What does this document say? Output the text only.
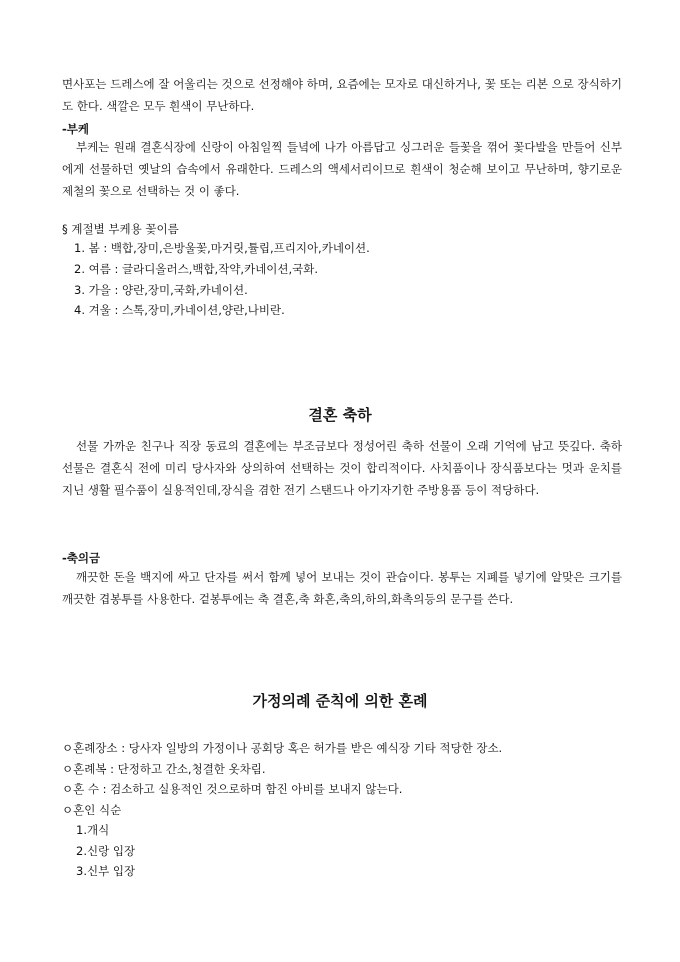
면사포는 드레스에 잘 어울리는 것으로 선정해야 하며, 요즘에는 모자로 대신하거나, 꽃 또는 리본 으로 장식하기도 한다. 색깔은 모두 흰색이 무난하다.

-부케

부케는 원래 결혼식장에 신랑이 아침일찍 들녘에 나가 아름답고 싱그러운 들꽃을 꺾어 꽃다발을 만들어 신부에게 선물하던 옛날의 습속에서 유래한다. 드레스의 액세서리이므로 흰색이 청순해 보이고 무난하며, 향기로운 제철의 꽃으로 선택하는 것 이 좋다.

§ 계절별 부케용 꽃이름
1. 봄 : 백합,장미,은방울꽃,마거릿,튤립,프리지아,카네이션.
2. 여름 : 글라디올러스,백합,작약,카네이션,국화.
3. 가을 : 양란,장미,국화,카네이션.
4. 겨울 : 스톡,장미,카네이션,양란,나비란.
결혼 축하

선물 가까운 친구나 직장 동료의 결혼에는 부조금보다 정성어린 축하 선물이 오래 기억에 남고 뜻깊다. 축하 선물은 결혼식 전에 미리 당사자와 상의하여 선택하는 것이 합리적이다. 사치품이나 장식품보다는 멋과 운치를 지닌 생활 필수품이 실용적인데,장식을 겸한 전기 스탠드나 아기자기한 주방용품 등이 적당하다.

-축의금

깨끗한 돈을 백지에 싸고 단자를 써서 함께 넣어 보내는 것이 관습이다. 봉투는 지폐를 넣기에 알맞은 크기를 깨끗한 겹봉투를 사용한다. 겉봉투에는 축 결혼,축 화혼,축의,하의,화촉의등의 문구를 쓴다.

가정의례 준칙에 의한 혼례
ㅇ혼례장소 : 당사자 일방의 가정이나 공회당 혹은 허가를 받은 예식장 기타 적당한 장소.
ㅇ혼례복 : 단정하고 간소,청결한 옷차림.
ㅇ혼 수 : 검소하고 실용적인 것으로하며 함진 아비를 보내지 않는다.
ㅇ혼인 식순
1.개식
2.신랑 입장
3.신부 입장
